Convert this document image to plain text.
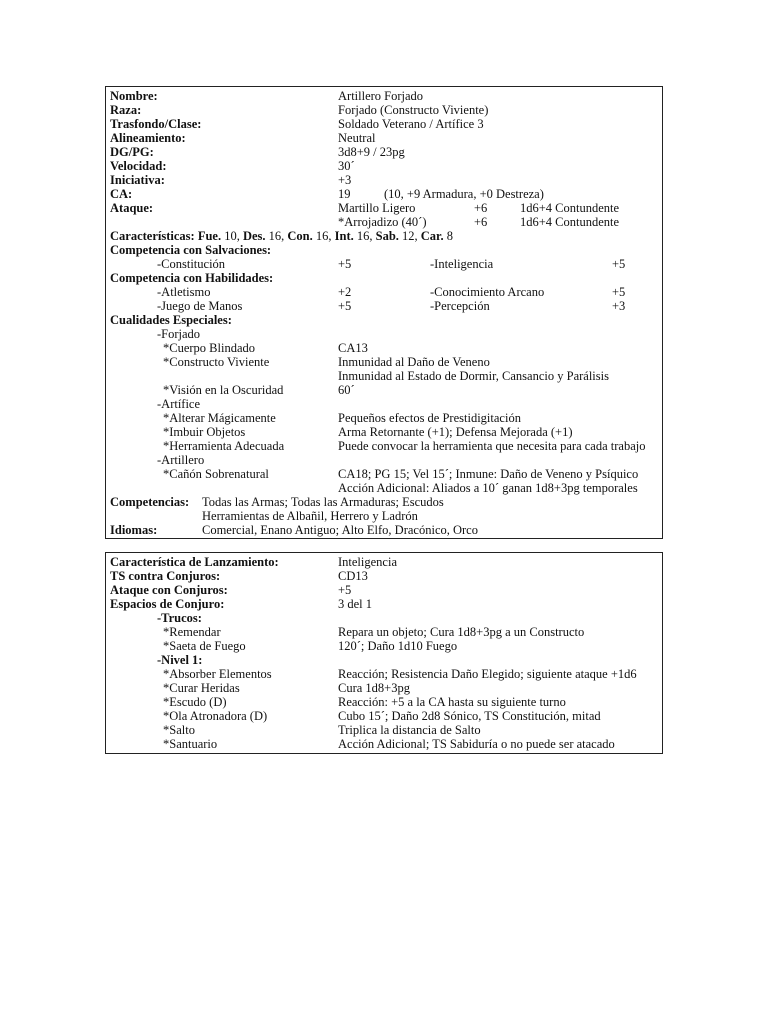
Nombre:	Artillero Forjado
Raza:	Forjado (Constructo Viviente)
Trasfondo/Clase:	Soldado Veterano / Artífice 3
Alineamiento:	Neutral
DG/PG:	3d8+9 / 23pg
Velocidad:	30´
Iniciativa:	+3
CA:	19	(10, +9 Armadura, +0 Destreza)
Ataque:	Martillo Ligero	+6	1d6+4 Contundente
*Arrojadizo (40´)	+6	1d6+4 Contundente
Características: Fue. 10, Des. 16, Con. 16, Int. 16, Sab. 12, Car. 8
Competencia con Salvaciones:
-Constitución	+5	-Inteligencia	+5
Competencia con Habilidades:
-Atletismo	+2	-Conocimiento Arcano	+5
-Juego de Manos	+5	-Percepción	+3
Cualidades Especiales:
-Forjado
*Cuerpo Blindado	CA13
*Constructo Viviente	Inmunidad al Daño de Veneno
Inmunidad al Estado de Dormir, Cansancio y Parálisis
*Visión en la Oscuridad	60´
-Artífice
*Alterar Mágicamente	Pequeños efectos de Prestidigitación
*Imbuir Objetos	Arma Retornante (+1); Defensa Mejorada (+1)
*Herramienta Adecuada	Puede convocar la herramienta que necesita para cada trabajo
-Artillero
*Cañón Sobrenatural	CA18; PG 15; Vel 15´; Inmune: Daño de Veneno y Psíquico
Acción Adicional: Aliados a 10´ ganan 1d8+3pg temporales
Competencias: Todas las Armas; Todas las Armaduras; Escudos
Herramientas de Albañil, Herrero y Ladrón
Idiomas:	Comercial, Enano Antiguo; Alto Elfo, Dracónico, Orco
Característica de Lanzamiento:	Inteligencia
TS contra Conjuros:	CD13
Ataque con Conjuros:	+5
Espacios de Conjuro:	3 del 1
-Trucos:
*Remendar	Repara un objeto; Cura 1d8+3pg a un Constructo
*Saeta de Fuego	120´; Daño 1d10 Fuego
-Nivel 1:
*Absorber Elementos	Reacción; Resistencia Daño Elegido; siguiente ataque +1d6
*Curar Heridas	Cura 1d8+3pg
*Escudo (D)	Reacción: +5 a la CA hasta su siguiente turno
*Ola Atronadora (D)	Cubo 15´; Daño 2d8 Sónico, TS Constitución, mitad
*Salto	Triplica la distancia de Salto
*Santuario	Acción Adicional; TS Sabiduría o no puede ser atacado
